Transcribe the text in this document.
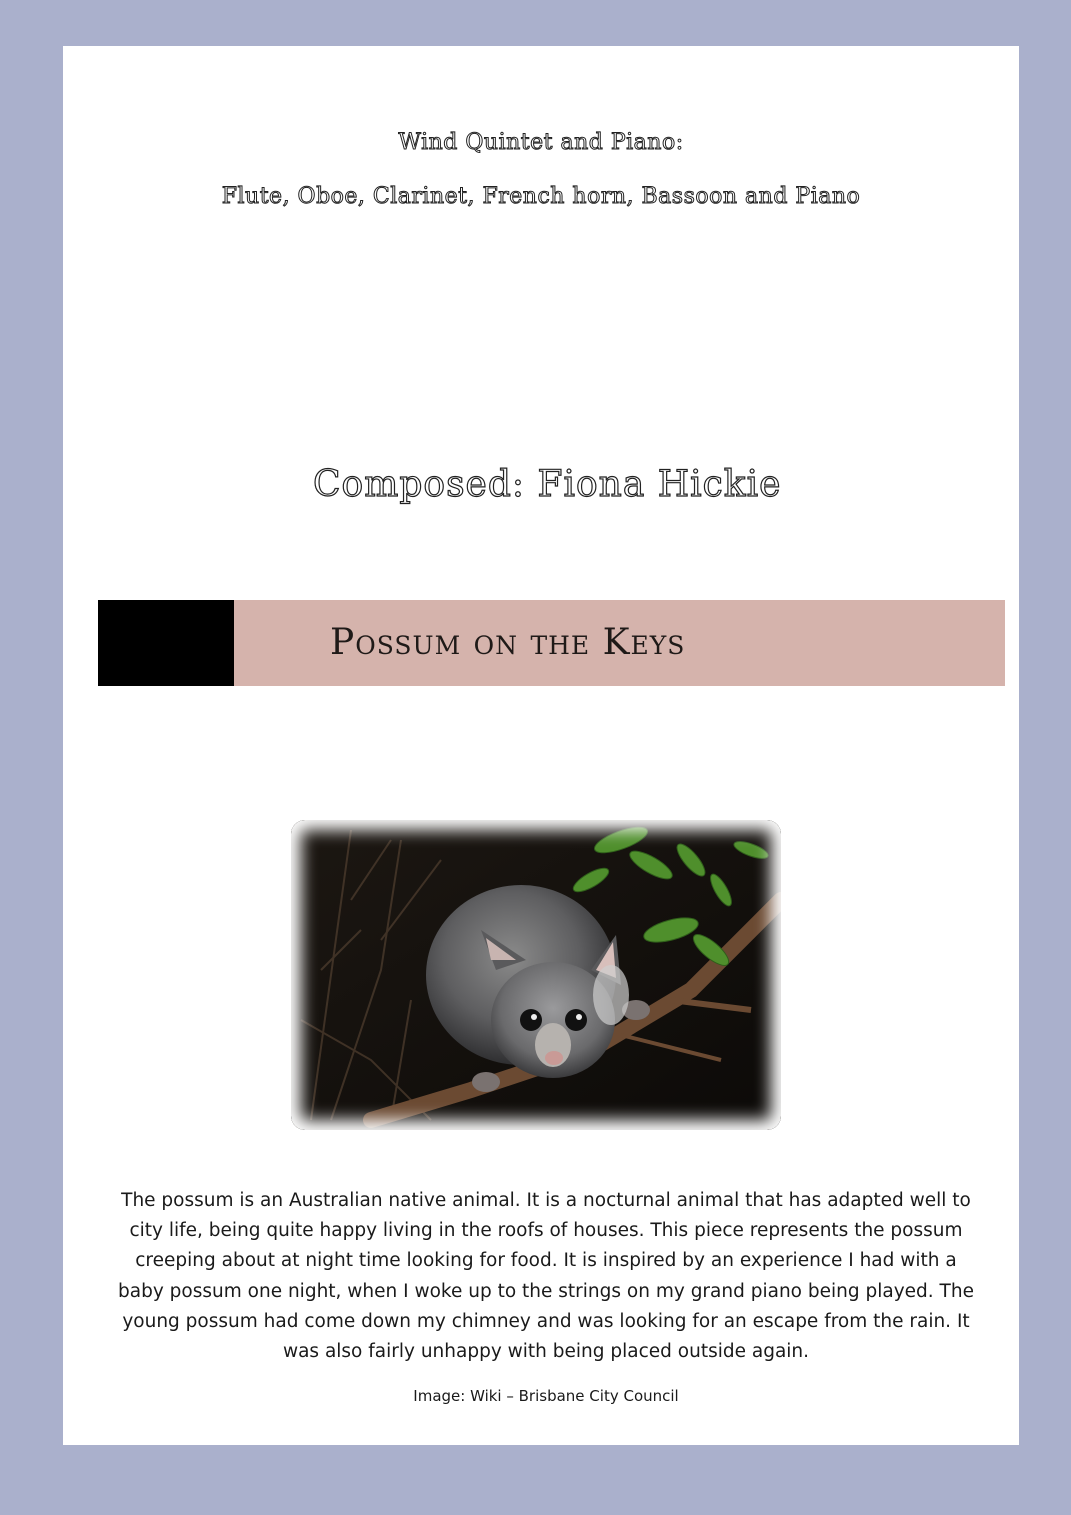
Wind Quintet and Piano:
Flute, Oboe, Clarinet, French horn, Bassoon and Piano
Composed: Fiona Hickie
Possum on the Keys
The possum is an Australian native animal. It is a nocturnal animal that has adapted well to city life, being quite happy living in the roofs of houses. This piece represents the possum creeping about at night time looking for food. It is inspired by an experience I had with a baby possum one night, when I woke up to the strings on my grand piano being played. The young possum had come down my chimney and was looking for an escape from the rain. It was also fairly unhappy with being placed outside again.
Image: Wiki – Brisbane City Council
